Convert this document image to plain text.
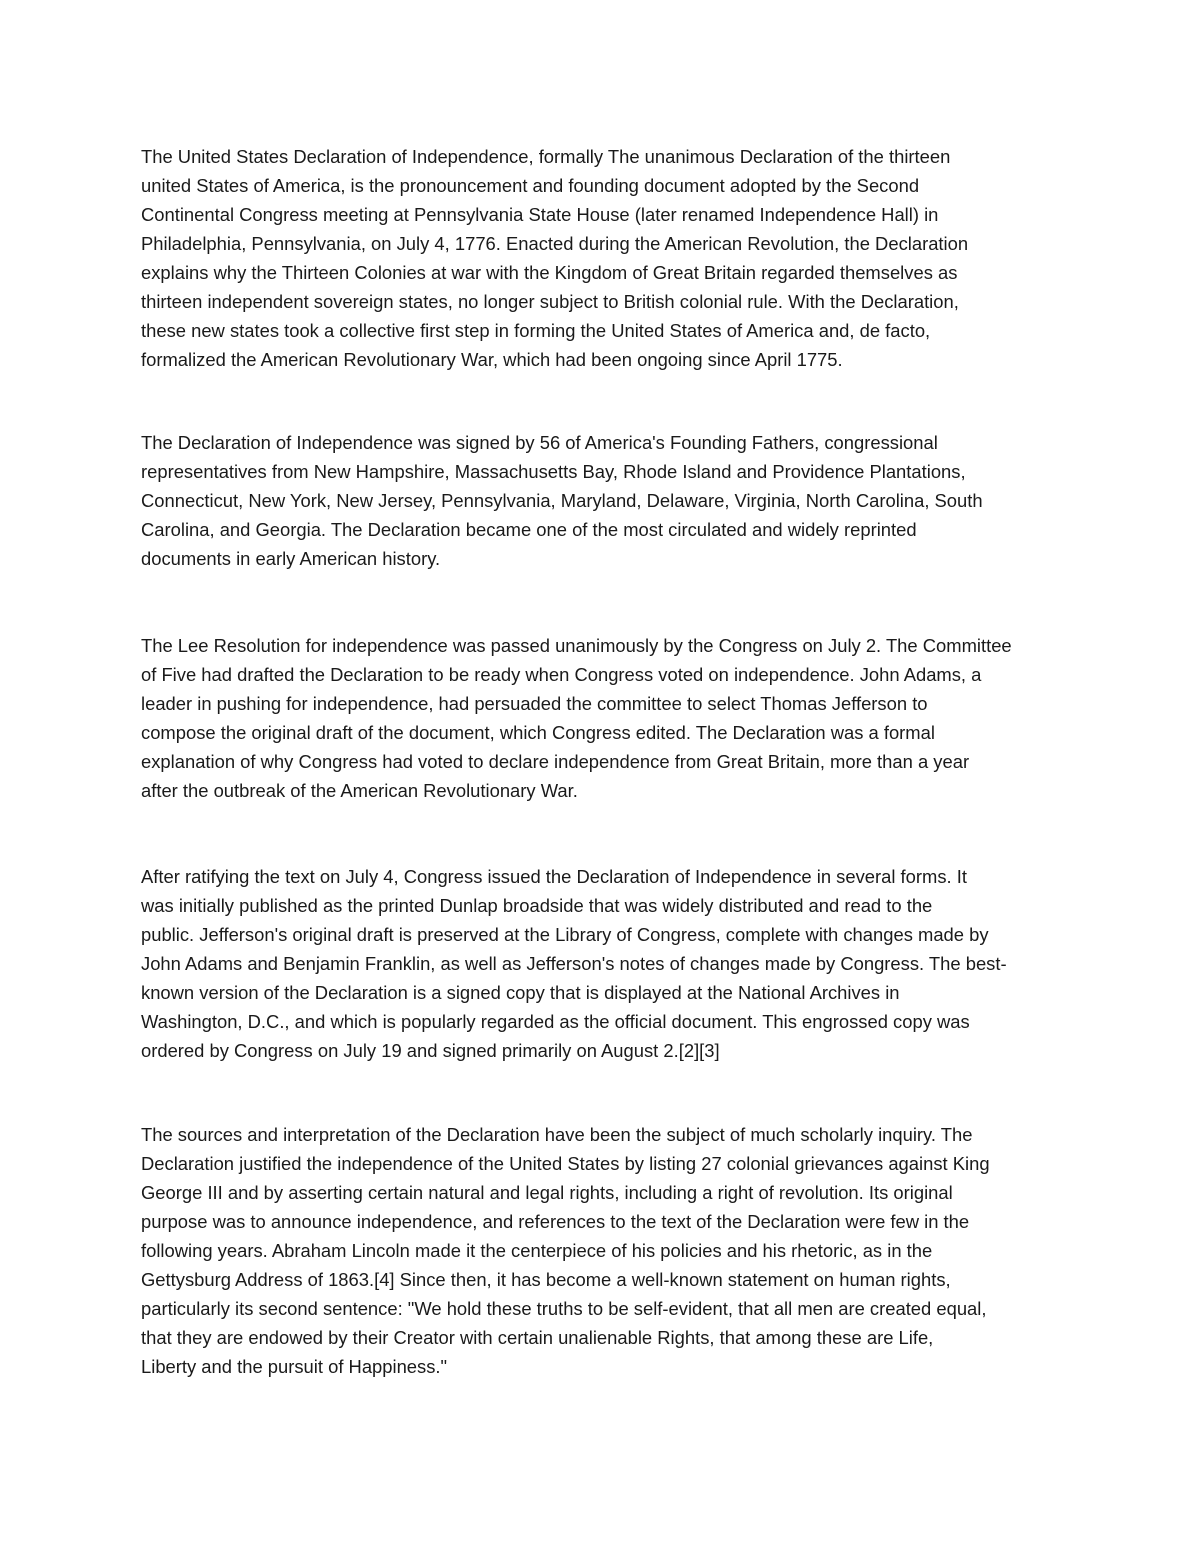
The United States Declaration of Independence, formally The unanimous Declaration of the thirteen
united States of America, is the pronouncement and founding document adopted by the Second
Continental Congress meeting at Pennsylvania State House (later renamed Independence Hall) in
Philadelphia, Pennsylvania, on July 4, 1776. Enacted during the American Revolution, the Declaration
explains why the Thirteen Colonies at war with the Kingdom of Great Britain regarded themselves as
thirteen independent sovereign states, no longer subject to British colonial rule. With the Declaration,
these new states took a collective first step in forming the United States of America and, de facto,
formalized the American Revolutionary War, which had been ongoing since April 1775.

The Declaration of Independence was signed by 56 of America's Founding Fathers, congressional
representatives from New Hampshire, Massachusetts Bay, Rhode Island and Providence Plantations,
Connecticut, New York, New Jersey, Pennsylvania, Maryland, Delaware, Virginia, North Carolina, South
Carolina, and Georgia. The Declaration became one of the most circulated and widely reprinted
documents in early American history.

The Lee Resolution for independence was passed unanimously by the Congress on July 2. The Committee
of Five had drafted the Declaration to be ready when Congress voted on independence. John Adams, a
leader in pushing for independence, had persuaded the committee to select Thomas Jefferson to
compose the original draft of the document, which Congress edited. The Declaration was a formal
explanation of why Congress had voted to declare independence from Great Britain, more than a year
after the outbreak of the American Revolutionary War.

After ratifying the text on July 4, Congress issued the Declaration of Independence in several forms. It
was initially published as the printed Dunlap broadside that was widely distributed and read to the
public. Jefferson's original draft is preserved at the Library of Congress, complete with changes made by
John Adams and Benjamin Franklin, as well as Jefferson's notes of changes made by Congress. The best-
known version of the Declaration is a signed copy that is displayed at the National Archives in
Washington, D.C., and which is popularly regarded as the official document. This engrossed copy was
ordered by Congress on July 19 and signed primarily on August 2.[2][3]

The sources and interpretation of the Declaration have been the subject of much scholarly inquiry. The
Declaration justified the independence of the United States by listing 27 colonial grievances against King
George III and by asserting certain natural and legal rights, including a right of revolution. Its original
purpose was to announce independence, and references to the text of the Declaration were few in the
following years. Abraham Lincoln made it the centerpiece of his policies and his rhetoric, as in the
Gettysburg Address of 1863.[4] Since then, it has become a well-known statement on human rights,
particularly its second sentence: "We hold these truths to be self-evident, that all men are created equal,
that they are endowed by their Creator with certain unalienable Rights, that among these are Life,
Liberty and the pursuit of Happiness."
